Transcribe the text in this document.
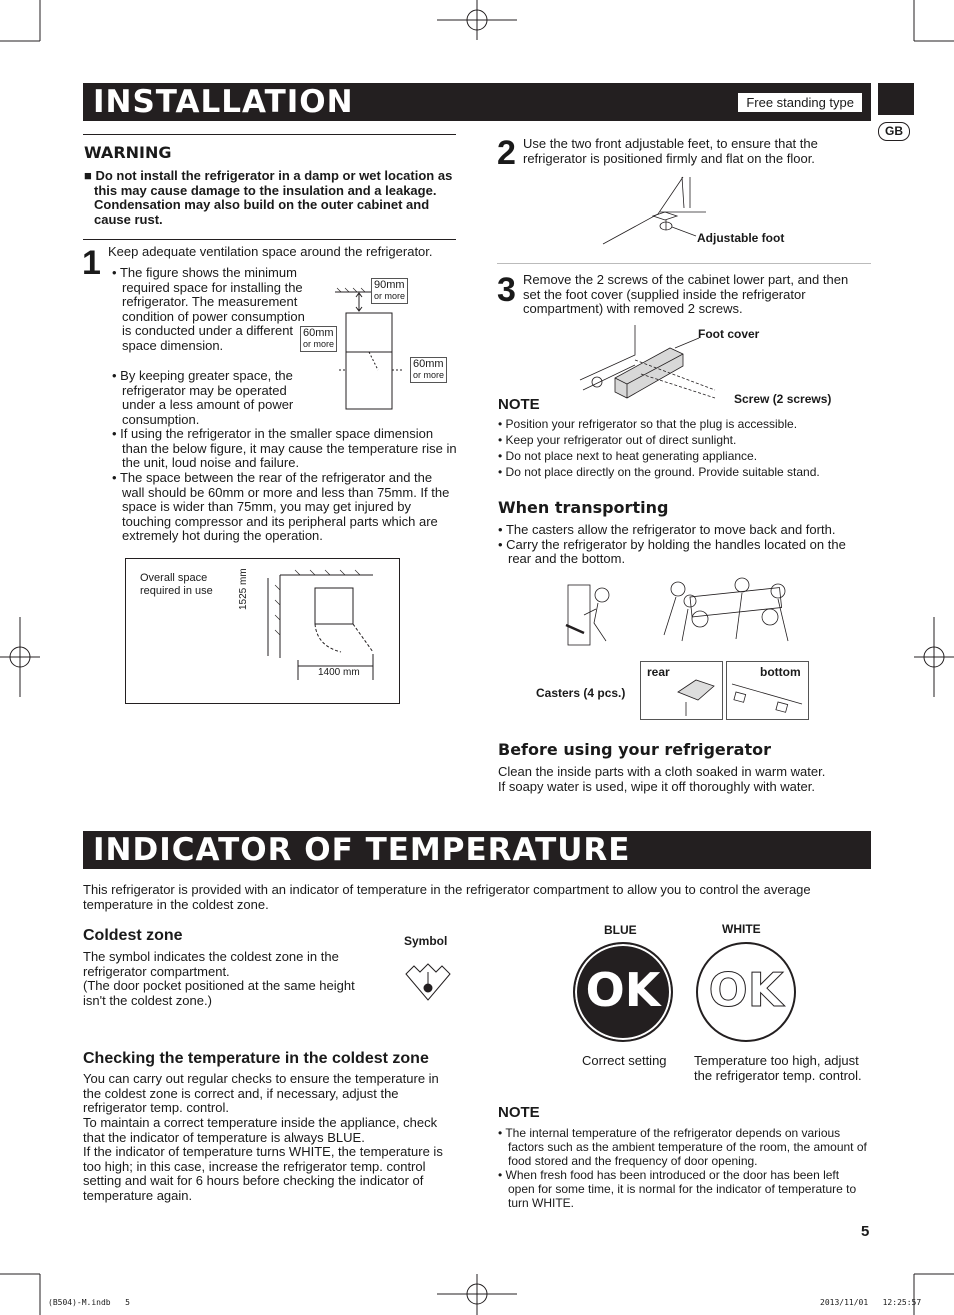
INSTALLATION	Free standing type
GB
WARNING
■ Do not install the refrigerator in a damp or wet location as this may cause damage to the insulation and a leakage. Condensation may also build on the outer cabinet and cause rust.
1 Keep adequate ventilation space around the refrigerator.
• The figure shows the minimum required space for installing the refrigerator. The measurement condition of power consumption is conducted under a different space dimension.
• By keeping greater space, the refrigerator may be operated under a less amount of power consumption.
• If using the refrigerator in the smaller space dimension than the below figure, it may cause the temperature rise in the unit, loud noise and failure.
• The space between the rear of the refrigerator and the wall should be 60mm or more and less than 75mm. If the space is wider than 75mm, you may get injured by touching compressor and its peripheral parts which are extremely hot during the operation.
90mm
or more
60mm
or more
60mm
or more
Overall space required in use	1525 mm
1400 mm
2 Use the two front adjustable feet, to ensure that the refrigerator is positioned firmly and flat on the floor.
Adjustable foot
3 Remove the 2 screws of the cabinet lower part, and then set the foot cover (supplied inside the refrigerator compartment) with removed 2 screws.
Foot cover
Screw (2 screws)
NOTE
• Position your refrigerator so that the plug is accessible.
• Keep your refrigerator out of direct sunlight.
• Do not place next to heat generating appliance.
• Do not place directly on the ground. Provide suitable stand.
When transporting
• The casters allow the refrigerator to move back and forth.
• Carry the refrigerator by holding the handles located on the rear and the bottom.
rear	bottom
Casters (4 pcs.)
Before using your refrigerator
Clean the inside parts with a cloth soaked in warm water.
If soapy water is used, wipe it off thoroughly with water.
INDICATOR OF TEMPERATURE
This refrigerator is provided with an indicator of temperature in the refrigerator compartment to allow you to control the average temperature in the coldest zone.
Coldest zone
The symbol indicates the coldest zone in the refrigerator compartment.
(The door pocket positioned at the same height isn't the coldest zone.)
Symbol
Checking the temperature in the coldest zone
You can carry out regular checks to ensure the temperature in the coldest zone is correct and, if necessary, adjust the refrigerator temp. control.
To maintain a correct temperature inside the appliance, check that the indicator of temperature is always BLUE.
If the indicator of temperature turns WHITE, the temperature is too high; in this case, increase the refrigerator temp. control setting and wait for 6 hours before checking the indicator of temperature again.
BLUE	WHITE
OK OK
Correct setting Temperature too high, adjust the refrigerator temp. control.
NOTE
• The internal temperature of the refrigerator depends on various factors such as the ambient temperature of the room, the amount of food stored and the frequency of door opening.
• When fresh food has been introduced or the door has been left open for some time, it is normal for the indicator of temperature to turn WHITE.
5
(B504)-M.indb   5	2013/11/01   12:25:57
